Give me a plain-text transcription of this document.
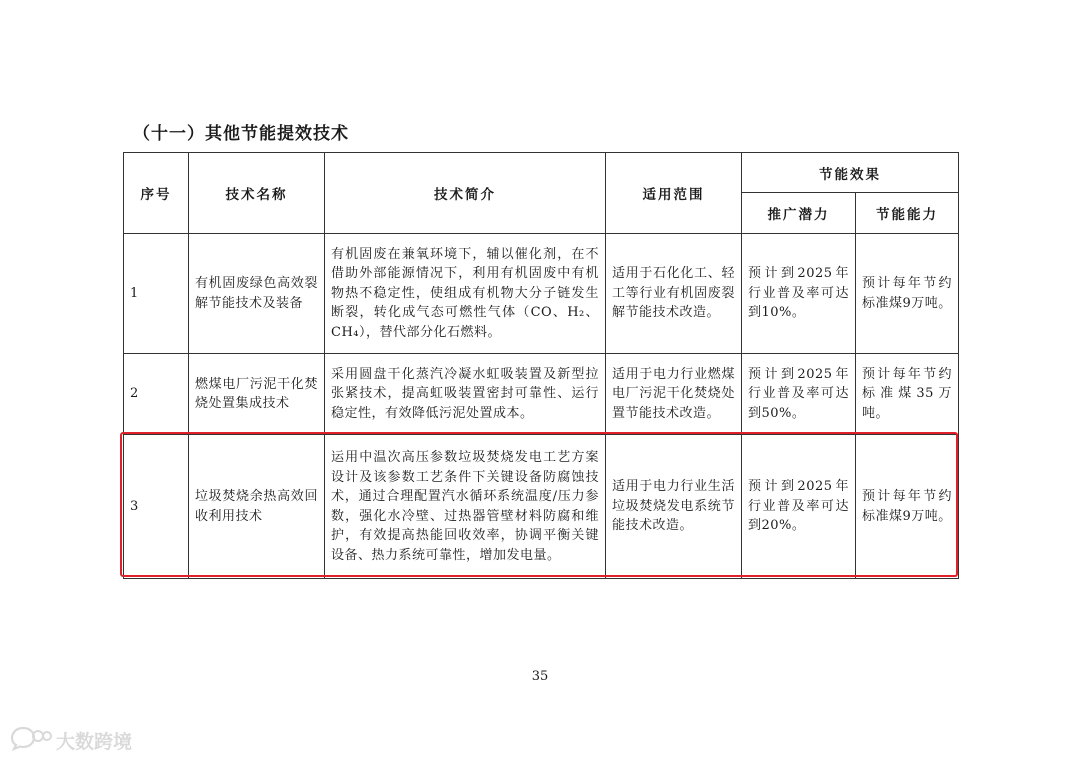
（十一）其他节能提效技术
序号	技术名称	技术简介	适用范围	节能效果	
				推广潜力	节能能力
1	有机固废绿色高效裂解节能技术及装备	有机固废在兼氧环境下，辅以催化剂，在不借助外部能源情况下，利用有机固废中有机物热不稳定性，使组成有机物大分子链发生断裂，转化成气态可燃性气体（CO、H₂、CH₄），替代部分化石燃料。	适用于石化化工、轻工等行业有机固废裂解节能技术改造。	预计到2025年行业普及率可达到10%。	预计每年节约标准煤9万吨。
2	燃煤电厂污泥干化焚烧处置集成技术	采用圆盘干化蒸汽冷凝水虹吸装置及新型拉张紧技术，提高虹吸装置密封可靠性、运行稳定性，有效降低污泥处置成本。	适用于电力行业燃煤电厂污泥干化焚烧处置节能技术改造。	预计到2025年行业普及率可达到50%。	预计每年节约标准煤35万吨。
3	垃圾焚烧余热高效回收利用技术	运用中温次高压参数垃圾焚烧发电工艺方案设计及该参数工艺条件下关键设备防腐蚀技术，通过合理配置汽水循环系统温度/压力参数，强化水冷壁、过热器管壁材料防腐和维护，有效提高热能回收效率，协调平衡关键设备、热力系统可靠性，增加发电量。	适用于电力行业生活垃圾焚烧发电系统节能技术改造。	预计到2025年行业普及率可达到20%。	预计每年节约标准煤9万吨。
35
大数跨境
